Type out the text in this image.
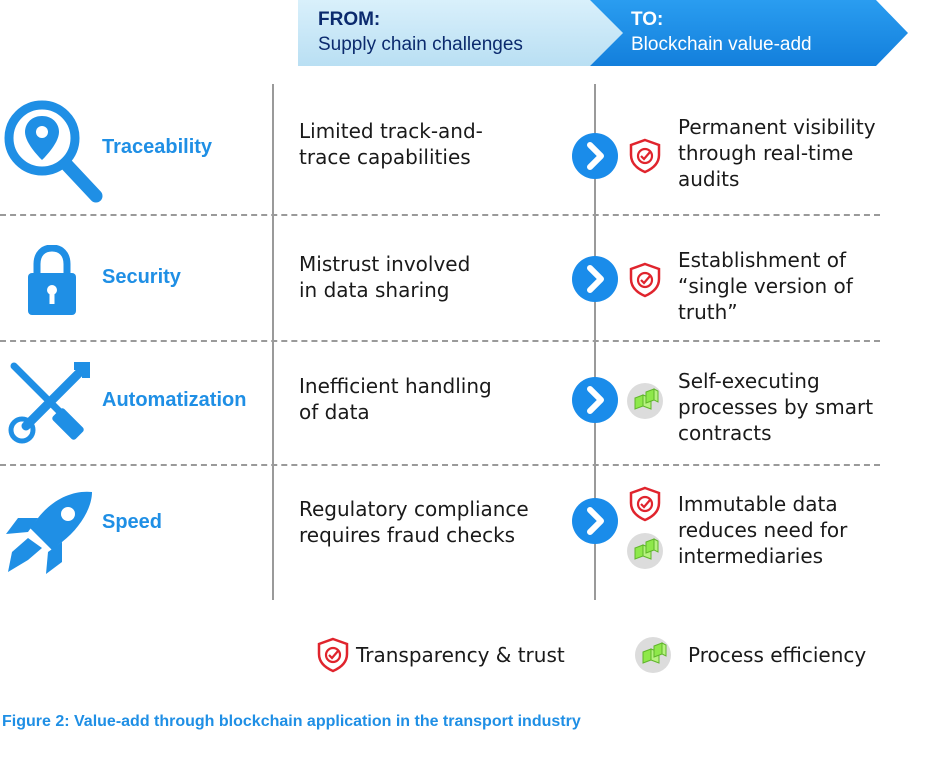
FROM:
Supply chain challenges
TO:
Blockchain value-add
Traceability
Limited track-and-
trace capabilities
Permanent visibility
through real-time
audits
Security
Mistrust involved
in data sharing
Establishment of
“single version of
truth”
Automatization
Inefficient handling
of data
Self-executing
processes by smart
contracts
Speed
Regulatory compliance
requires fraud checks
Immutable data
reduces need for
intermediaries
Transparency & trust	Process efficiency
Figure 2: Value-add through blockchain application in the transport industry
